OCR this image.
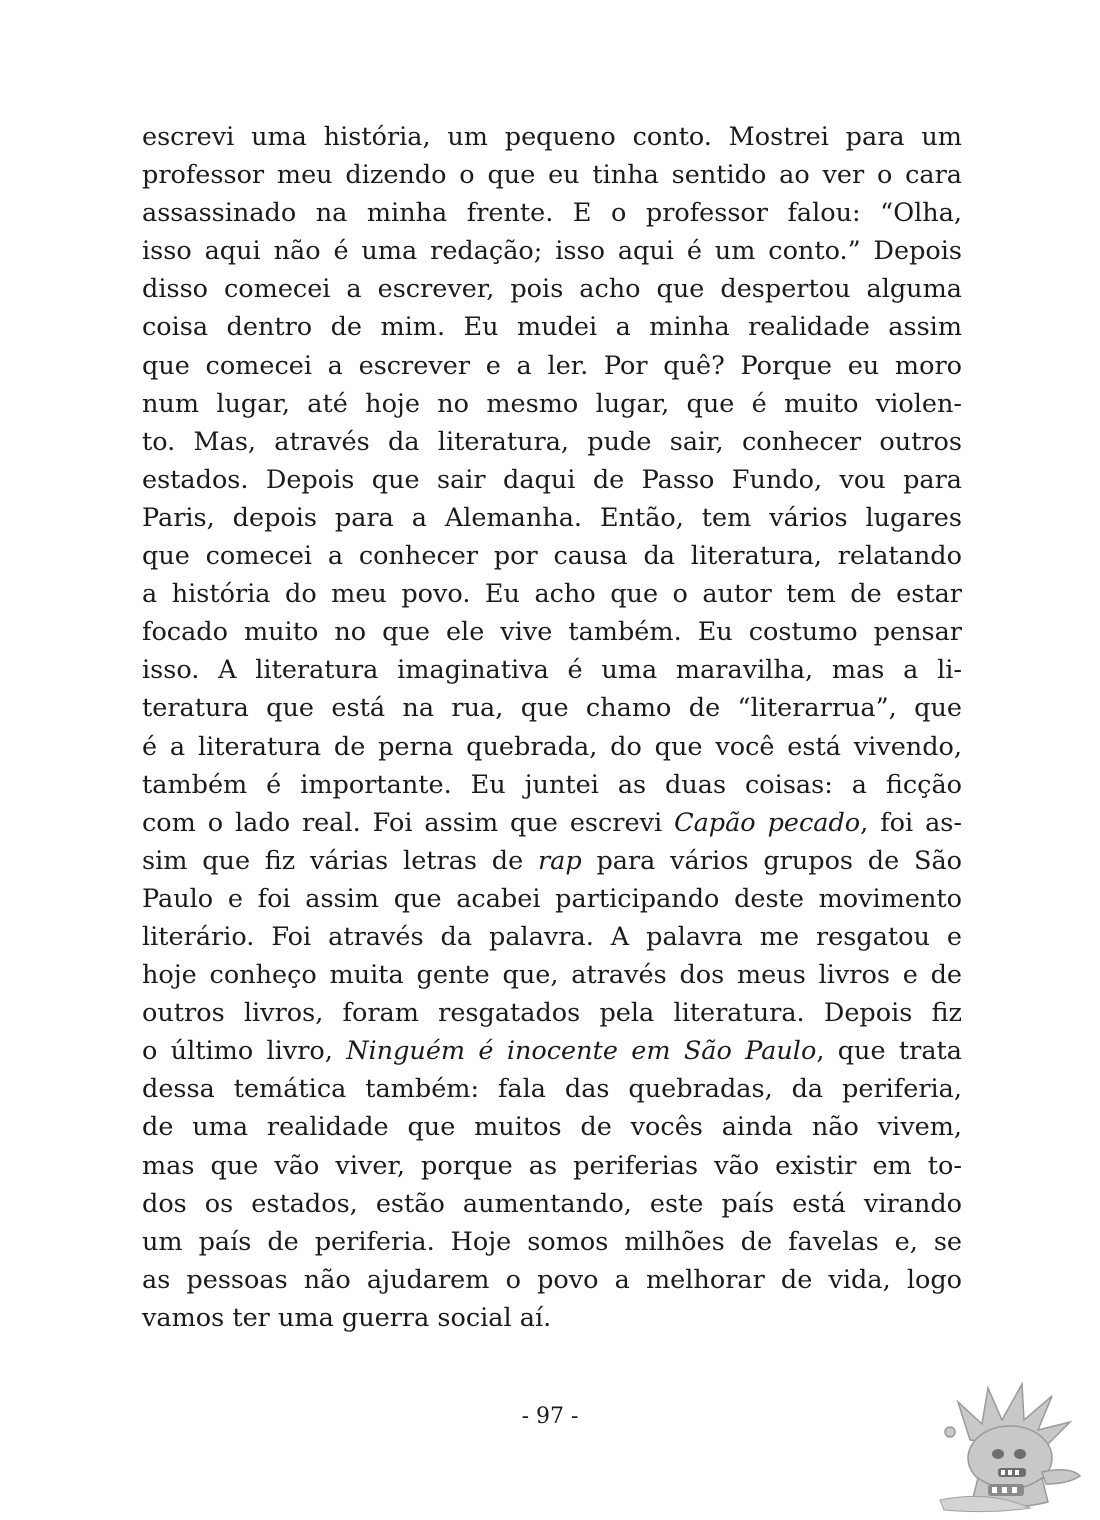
escrevi uma história, um pequeno conto. Mostrei para um
professor meu dizendo o que eu tinha sentido ao ver o cara
assassinado na minha frente. E o professor falou: “Olha,
isso aqui não é uma redação; isso aqui é um conto.” Depois
disso comecei a escrever, pois acho que despertou alguma
coisa dentro de mim. Eu mudei a minha realidade assim
que comecei a escrever e a ler. Por quê? Porque eu moro
num lugar, até hoje no mesmo lugar, que é muito violen-
to. Mas, através da literatura, pude sair, conhecer outros
estados. Depois que sair daqui de Passo Fundo, vou para
Paris, depois para a Alemanha. Então, tem vários lugares
que comecei a conhecer por causa da literatura, relatando
a história do meu povo. Eu acho que o autor tem de estar
focado muito no que ele vive também. Eu costumo pensar
isso. A literatura imaginativa é uma maravilha, mas a li-
teratura que está na rua, que chamo de “literarrua”, que
é a literatura de perna quebrada, do que você está vivendo,
também é importante. Eu juntei as duas coisas: a ficção
com o lado real. Foi assim que escrevi Capão pecado, foi as-
sim que fiz várias letras de rap para vários grupos de São
Paulo e foi assim que acabei participando deste movimento
literário. Foi através da palavra. A palavra me resgatou e
hoje conheço muita gente que, através dos meus livros e de
outros livros, foram resgatados pela literatura. Depois fiz
o último livro, Ninguém é inocente em São Paulo, que trata
dessa temática também: fala das quebradas, da periferia,
de uma realidade que muitos de vocês ainda não vivem,
mas que vão viver, porque as periferias vão existir em to-
dos os estados, estão aumentando, este país está virando
um país de periferia. Hoje somos milhões de favelas e, se
as pessoas não ajudarem o povo a melhorar de vida, logo
vamos ter uma guerra social aí.
- 97 -
